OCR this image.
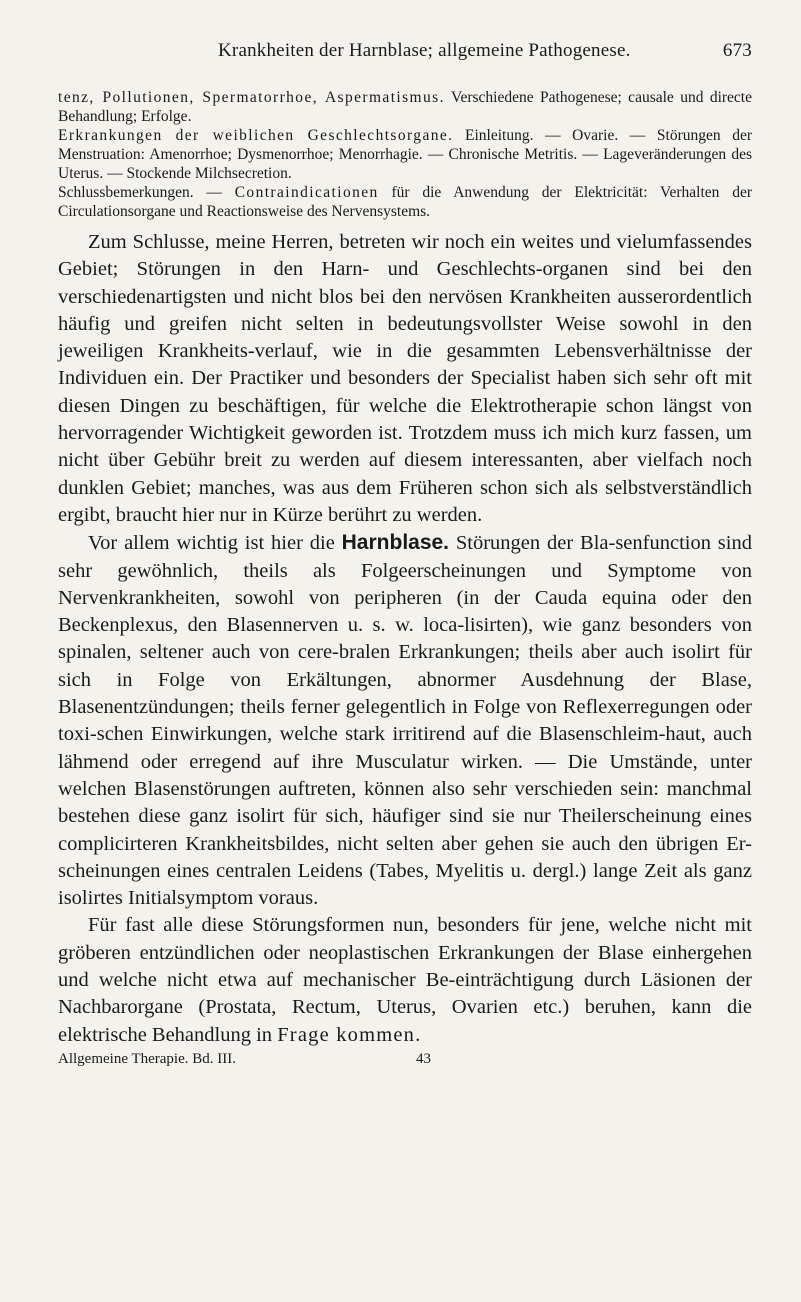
Krankheiten der Harnblase; allgemeine Pathogenese.	673

tenz, Pollutionen, Spermatorrhoe, Aspermatismus. Verschiedene Pathogenese; causale und directe Behandlung; Erfolge.

Erkrankungen der weiblichen Geschlechtsorgane. Einleitung. — Ovarie. — Störungen der Menstruation: Amenorrhoe; Dysmenorrhoe; Menorrhagie. — Chronische Metritis. — Lageveränderungen des Uterus. — Stockende Milchsecretion.

Schlussbemerkungen. — Contraindicationen für die Anwendung der Elektricität: Verhalten der Circulationsorgane und Reactionsweise des Nervensystems.

Zum Schlusse, meine Herren, betreten wir noch ein weites und vielumfassendes Gebiet; Störungen in den Harn- und Geschlechts-organen sind bei den verschiedenartigsten und nicht blos bei den nervösen Krankheiten ausserordentlich häufig und greifen nicht selten in bedeutungsvollster Weise sowohl in den jeweiligen Krankheits-verlauf, wie in die gesammten Lebensverhältnisse der Individuen ein. Der Practiker und besonders der Specialist haben sich sehr oft mit diesen Dingen zu beschäftigen, für welche die Elektrotherapie schon längst von hervorragender Wichtigkeit geworden ist. Trotzdem muss ich mich kurz fassen, um nicht über Gebühr breit zu werden auf diesem interessanten, aber vielfach noch dunklen Gebiet; manches, was aus dem Früheren schon sich als selbstverständlich ergibt, braucht hier nur in Kürze berührt zu werden.

Vor allem wichtig ist hier die Harnblase. Störungen der Bla-senfunction sind sehr gewöhnlich, theils als Folgeerscheinungen und Symptome von Nervenkrankheiten, sowohl von peripheren (in der Cauda equina oder den Beckenplexus, den Blasennerven u. s. w. loca-lisirten), wie ganz besonders von spinalen, seltener auch von cere-bralen Erkrankungen; theils aber auch isolirt für sich in Folge von Erkältungen, abnormer Ausdehnung der Blase, Blasenentzündungen; theils ferner gelegentlich in Folge von Reflexerregungen oder toxi-schen Einwirkungen, welche stark irritirend auf die Blasenschleim-haut, auch lähmend oder erregend auf ihre Musculatur wirken. — Die Umstände, unter welchen Blasenstörungen auftreten, können also sehr verschieden sein: manchmal bestehen diese ganz isolirt für sich, häufiger sind sie nur Theilerscheinung eines complicirteren Krankheitsbildes, nicht selten aber gehen sie auch den übrigen Er-scheinungen eines centralen Leidens (Tabes, Myelitis u. dergl.) lange Zeit als ganz isolirtes Initialsymptom voraus.

Für fast alle diese Störungsformen nun, besonders für jene, welche nicht mit gröberen entzündlichen oder neoplastischen Erkrankungen der Blase einhergehen und welche nicht etwa auf mechanischer Be-einträchtigung durch Läsionen der Nachbarorgane (Prostata, Rectum, Uterus, Ovarien etc.) beruhen, kann die elektrische Behandlung in Frage kommen.

Allgemeine Therapie. Bd. III.	43
